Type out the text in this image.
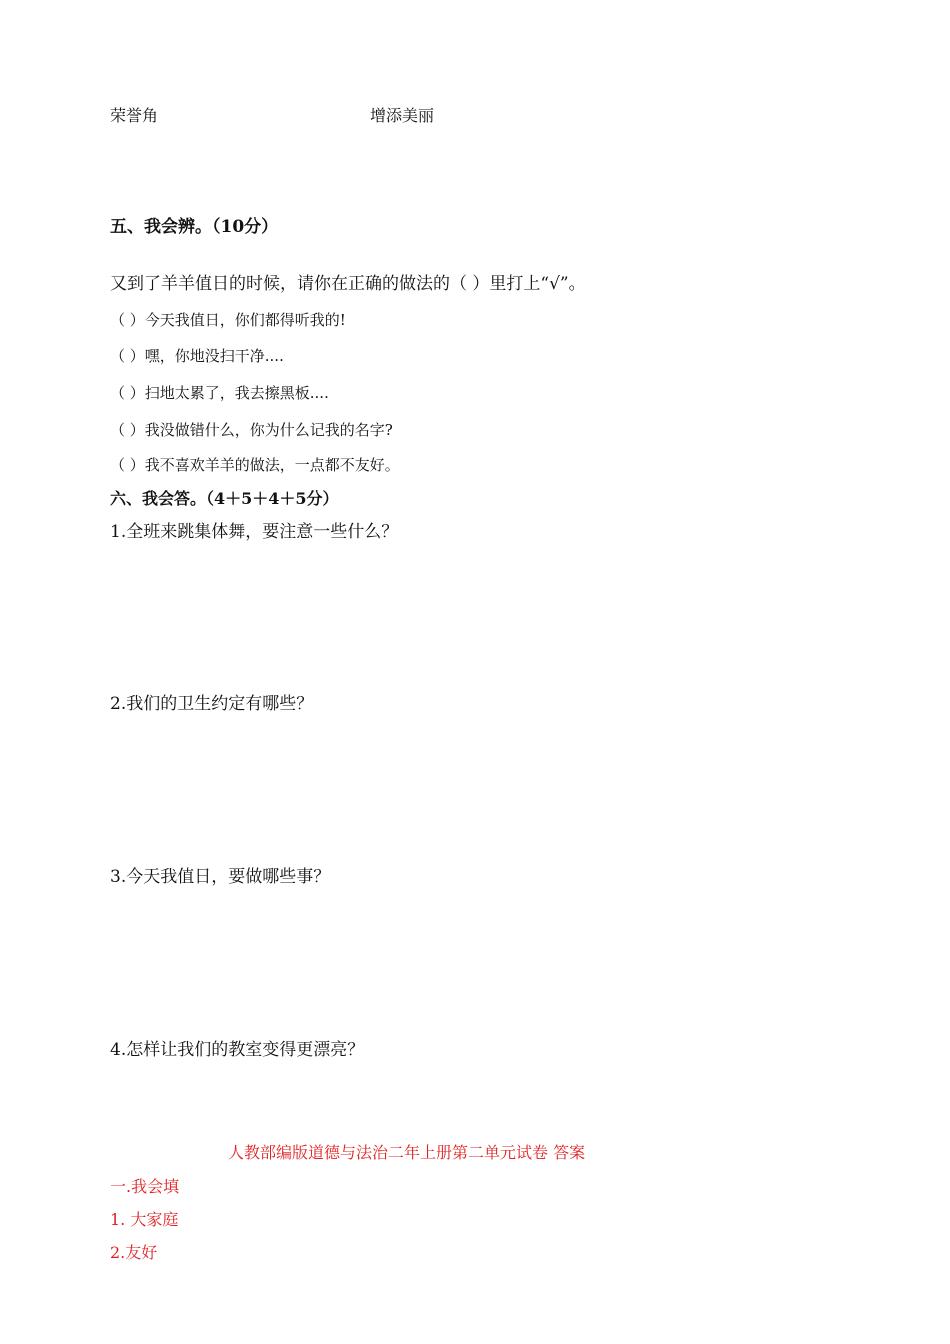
荣誉角	增添美丽
五、我会辨。（10分）
又到了羊羊值日的时候，请你在正确的做法的（ ）里打上“√”。
（ ）今天我值日，你们都得听我的!
（ ）嘿，你地没扫干净....
（ ）扫地太累了，我去擦黑板....
（ ）我没做错什么，你为什么记我的名字?
（ ）我不喜欢羊羊的做法，一点都不友好。
六、我会答。（4＋5＋4＋5分）
1.全班来跳集体舞，要注意一些什么？
2.我们的卫生约定有哪些？
3.今天我值日，要做哪些事？
4.怎样让我们的教室变得更漂亮？
人教部编版道德与法治二年上册第二单元试卷 答案
一.我会填
1. 大家庭
2.友好
